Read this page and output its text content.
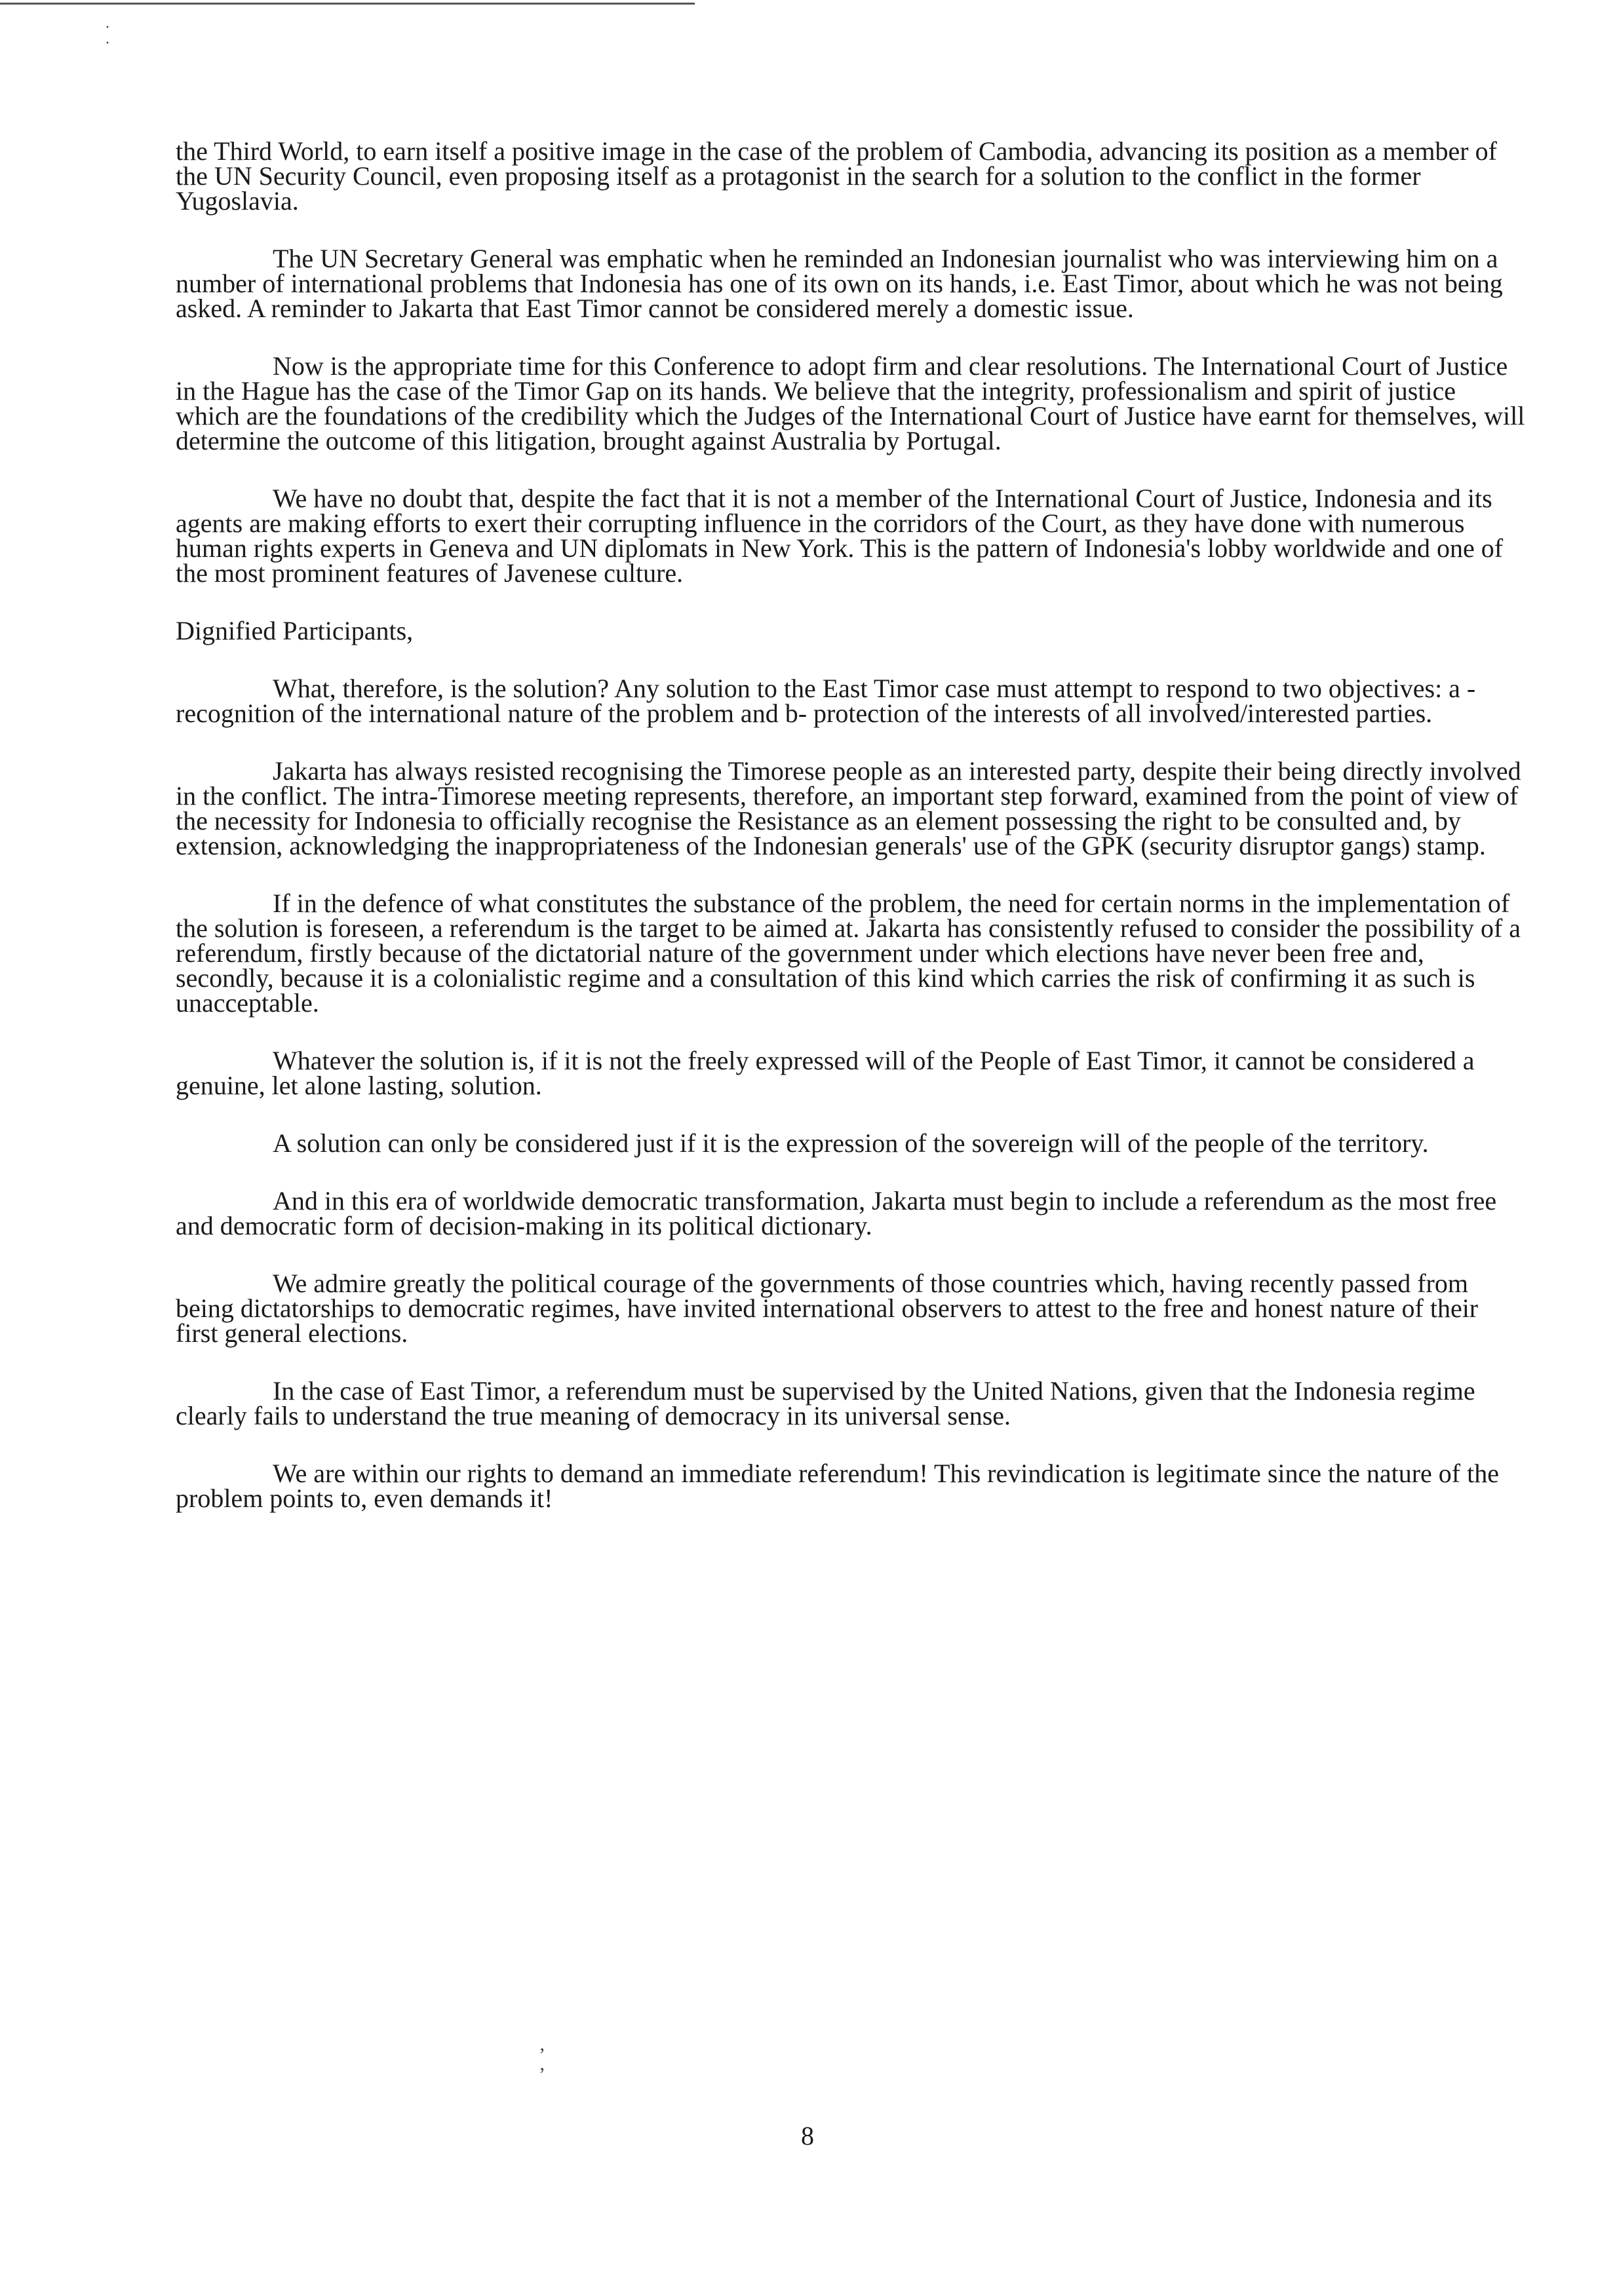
·
·

the Third World, to earn itself a positive image in the case of the problem of Cambodia, advancing its position as a member of the UN Security Council, even proposing itself as a protagonist in the search for a solution to the conflict in the former Yugoslavia.

The UN Secretary General was emphatic when he reminded an Indonesian journalist who was interviewing him on a number of international problems that Indonesia has one of its own on its hands, i.e. East Timor, about which he was not being asked. A reminder to Jakarta that East Timor cannot be considered merely a domestic issue.

Now is the appropriate time for this Conference to adopt firm and clear resolutions. The International Court of Justice in the Hague has the case of the Timor Gap on its hands. We believe that the integrity, professionalism and spirit of justice which are the foundations of the credibility which the Judges of the International Court of Justice have earnt for themselves, will determine the outcome of this litigation, brought against Australia by Portugal.

We have no doubt that, despite the fact that it is not a member of the International Court of Justice, Indonesia and its agents are making efforts to exert their corrupting influence in the corridors of the Court, as they have done with numerous human rights experts in Geneva and UN diplomats in New York. This is the pattern of Indonesia's lobby worldwide and one of the most prominent features of Javenese culture.

Dignified Participants,

What, therefore, is the solution? Any solution to the East Timor case must attempt to respond to two objectives: a - recognition of the international nature of the problem and b- protection of the interests of all involved/interested parties.

Jakarta has always resisted recognising the Timorese people as an interested party, despite their being directly involved in the conflict. The intra-Timorese meeting represents, therefore, an important step forward, examined from the point of view of the necessity for Indonesia to officially recognise the Resistance as an element possessing the right to be consulted and, by extension, acknowledging the inappropriateness of the Indonesian generals' use of the GPK (security disruptor gangs) stamp.

If in the defence of what constitutes the substance of the problem, the need for certain norms in the implementation of the solution is foreseen, a referendum is the target to be aimed at. Jakarta has consistently refused to consider the possibility of a referendum, firstly because of the dictatorial nature of the government under which elections have never been free and, secondly, because it is a colonialistic regime and a consultation of this kind which carries the risk of confirming it as such is unacceptable.

Whatever the solution is, if it is not the freely expressed will of the People of East Timor, it cannot be considered a genuine, let alone lasting, solution.

A solution can only be considered just if it is the expression of the sovereign will of the people of the territory.

And in this era of worldwide democratic transformation, Jakarta must begin to include a referendum as the most free and democratic form of decision-making in its political dictionary.

We admire greatly the political courage of the governments of those countries which, having recently passed from being dictatorships to democratic regimes, have invited international observers to attest to the free and honest nature of their first general elections.

In the case of East Timor, a referendum must be supervised by the United Nations, given that the Indonesia regime clearly fails to understand the true meaning of democracy in its universal sense.

We are within our rights to demand an immediate referendum! This revindication is legitimate since the nature of the problem points to, even demands it!

ʼ
ʼ
8
